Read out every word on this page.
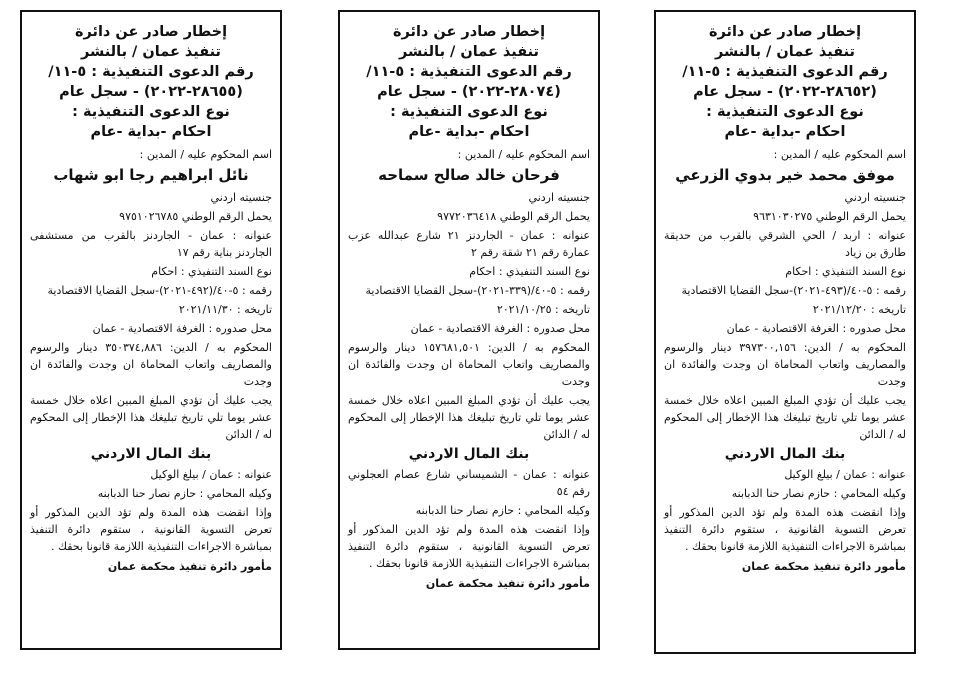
إخطار صادر عن دائرة

تنفيذ عمان / بالنشر

رقم الدعوى التنفيذية : ٥-١١/

(٢٨٦٥٢-٢٠٢٢) - سجل عام

نوع الدعوى التنفيذية :

احكام -بداية -عام

اسم المحكوم عليه / المدين :
موفق محمد خير بدوي الزرعي
جنسيته اردني
يحمل الرقم الوطني ٩٦٣١٠٣٠٢٧٥
عنوانه : اربد / الحي الشرقي بالقرب من حديقة طارق بن زياد
نوع السند التنفيذي : احكام
رقمه : ٥-٤٠/(٤٩٣-٢٠٢١)-سجل القضايا الاقتصادية
تاريخه : ٢٠٢١/١٢/٢٠
محل صدوره : الغرفة الاقتصادية - عمان
المحكوم به / الدين: ٣٩٧٣٠٠,١٥٦ دينار والرسوم والمصاريف واتعاب المحاماة ان وجدت والفائدة ان وجدت
يجب عليك أن تؤدي المبلغ المبين اعلاه خلال خمسة عشر يوما تلي تاريخ تبليغك هذا الإخطار إلى المحكوم له / الدائن
بنك المال الاردني
عنوانه : عمان / بيلغ الوكيل
وكيله المحامي : حازم نصار حنا الدبابنه
وإذا انقضت هذه المدة ولم تؤد الدين المذكور أو تعرض التسوية القانونية ، ستقوم دائرة التنفيذ بمباشرة الاجراءات التنفيذية اللازمة قانونا بحقك .
مأمور دائرة تنفيذ محكمة عمان

إخطار صادر عن دائرة

تنفيذ عمان / بالنشر

رقم الدعوى التنفيذية : ٥-١١/

(٢٨٠٧٤-٢٠٢٢) - سجل عام

نوع الدعوى التنفيذية :

احكام -بداية -عام

اسم المحكوم عليه / المدين :
فرحان خالد صالح سماحه
جنسيته اردني
يحمل الرقم الوطني ٩٧٧٢٠٣٦٤١٨
عنوانه : عمان - الجاردنز ٢١ شارع عبدالله عزب عمارة رقم ٢١ شقة رقم ٢
نوع السند التنفيذي : احكام
رقمه : ٥-٤٠/(٣٣٩-٢٠٢١)-سجل القضايا الاقتصادية
تاريخه : ٢٠٢١/١٠/٢٥
محل صدوره : الغرفة الاقتصادية - عمان
المحكوم به / الدين: ١٥٧٦٨١,٥٠١ دينار والرسوم والمصاريف واتعاب المحاماة ان وجدت والفائدة ان وجدت
يجب عليك أن تؤدي المبلغ المبين اعلاه خلال خمسة عشر يوما تلي تاريخ تبليغك هذا الإخطار إلى المحكوم له / الدائن
بنك المال الاردني
عنوانه : عمان - الشميساني شارع عصام العجلوني رقم ٥٤
وكيله المحامي : حازم نصار حنا الدبابنه
وإذا انقضت هذه المدة ولم تؤد الدين المذكور أو تعرض التسوية القانونية ، ستقوم دائرة التنفيذ بمباشرة الاجراءات التنفيذية اللازمة قانونا بحقك .
مأمور دائرة تنفيذ محكمة عمان

إخطار صادر عن دائرة

تنفيذ عمان / بالنشر

رقم الدعوى التنفيذية : ٥-١١/

(٢٨٦٥٥-٢٠٢٢) - سجل عام

نوع الدعوى التنفيذية :

احكام -بداية -عام

اسم المحكوم عليه / المدين :
نائل ابراهيم رجا ابو شهاب
جنسيته اردني
يحمل الرقم الوطني ٩٧٥١٠٢٦٧٨٥
عنوانه : عمان - الجاردنز بالقرب من مستشفى الجاردنز بناية رقم ١٧
نوع السند التنفيذي : احكام
رقمه : ٥-٤٠/(٤٩٢-٢٠٢١)-سجل القضايا الاقتصادية
تاريخه : ٢٠٢١/١١/٣٠
محل صدوره : الغرفة الاقتصادية - عمان
المحكوم به / الدين: ٣٥٠٣٧٤,٨٨٦ دينار والرسوم والمصاريف واتعاب المحاماة ان وجدت والفائدة ان وجدت
يجب عليك أن تؤدي المبلغ المبين اعلاه خلال خمسة عشر يوما تلي تاريخ تبليغك هذا الإخطار إلى المحكوم له / الدائن
بنك المال الاردني
عنوانه : عمان / بيلغ الوكيل
وكيله المحامي : حازم نصار حنا الدبابنه
وإذا انقضت هذه المدة ولم تؤد الدين المذكور أو تعرض التسوية القانونية ، ستقوم دائرة التنفيذ بمباشرة الاجراءات التنفيذية اللازمة قانونا بحقك .
مأمور دائرة تنفيذ محكمة عمان
